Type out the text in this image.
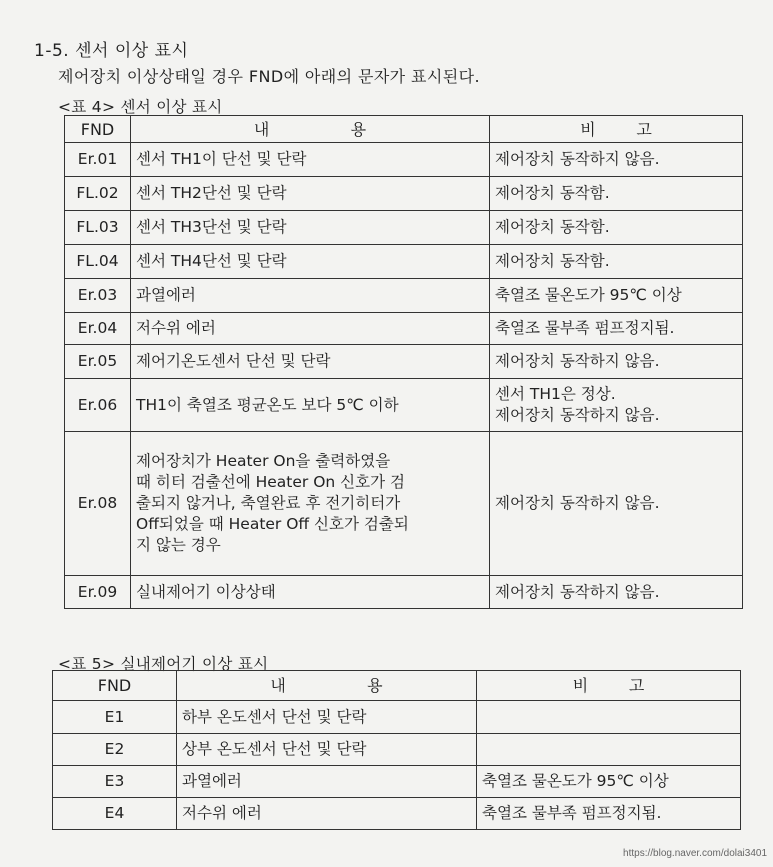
1-5. 센서 이상 표시
제어장치 이상상태일 경우 FND에 아래의 문자가 표시된다.
<표 4> 센서 이상 표시
FND	내                용	비        고
Er.01	센서 TH1이 단선 및 단락	제어장치 동작하지 않음.

FL.02	센서 TH2단선 및 단락	제어장치 동작함.

FL.03	센서 TH3단선 및 단락	제어장치 동작함.

FL.04	센서 TH4단선 및 단락	제어장치 동작함.

Er.03	과열에러	축열조 물온도가 95℃ 이상

Er.04	저수위 에러	축열조 물부족 펌프정지됨.

Er.05	제어기온도센서 단선 및 단락	제어장치 동작하지 않음.

Er.06	TH1이 축열조 평균온도 보다 5℃ 이하	센서 TH1은 정상.
제어장치 동작하지 않음.

Er.08	제어장치가 Heater On을 출력하였을
때 히터 검출선에 Heater On 신호가 검
출되지 않거나, 축열완료 후 전기히터가
Off되었을 때 Heater Off 신호가 검출되
지 않는 경우	제어장치 동작하지 않음.

Er.09	실내제어기 이상상태	제어장치 동작하지 않음.
<표 5> 실내제어기 이상 표시
FND	내                용	비        고
E1	하부 온도센서 단선 및 단락	

E2	상부 온도센서 단선 및 단락	

E3	과열에러	축열조 물온도가 95℃ 이상

E4	저수위 에러	축열조 물부족 펌프정지됨.
https://blog.naver.com/dolai3401
